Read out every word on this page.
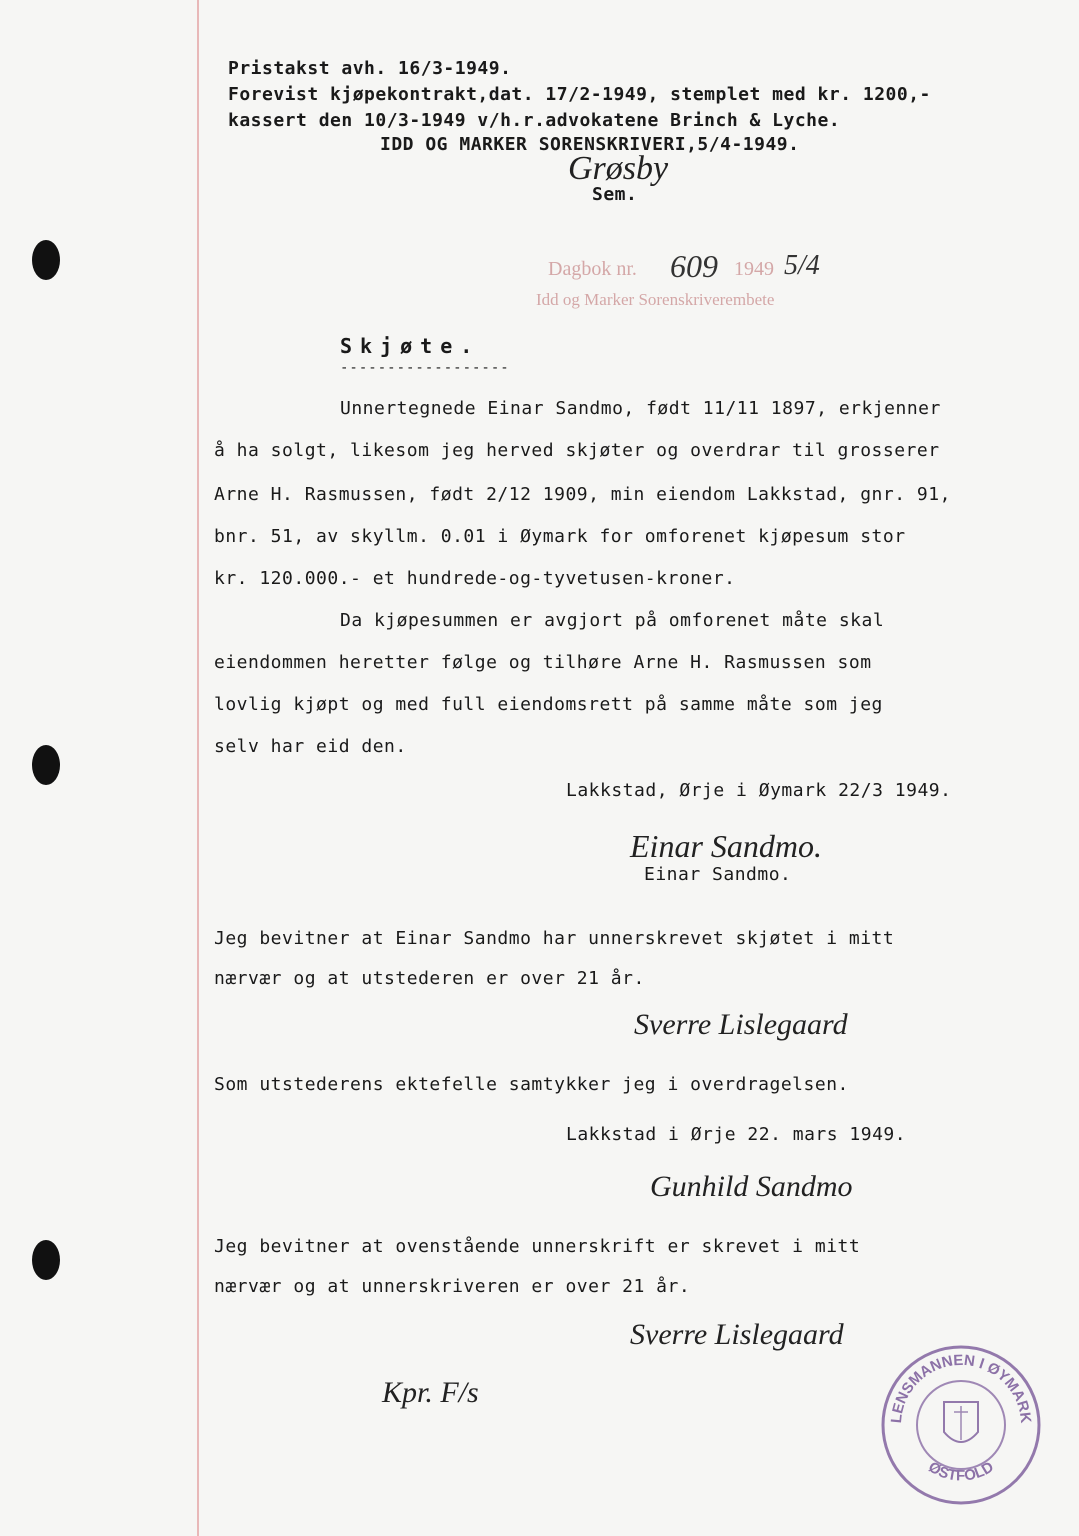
Pristakst avh. 16/3-1949.
Forevist kjøpekontrakt,dat. 17/2-1949, stemplet med kr. 1200,-
kassert den 10/3-1949 v/h.r.advokatene Brinch & Lyche.
IDD OG MARKER SORENSKRIVERI,5/4-1949.
Grøsby
Sem.
Dagbok nr. 609 1949 5/4
Idd og Marker Sorenskriverembete
Skjøte.
------------------
Unnertegnede Einar Sandmo, født 11/11 1897, erkjenner
å ha solgt, likesom jeg herved skjøter og overdrar til grosserer
Arne H. Rasmussen, født 2/12 1909, min eiendom Lakkstad, gnr. 91,
bnr. 51, av skyllm. 0.01 i Øymark for omforenet kjøpesum stor
kr. 120.000.- et hundrede-og-tyvetusen-kroner.
Da kjøpesummen er avgjort på omforenet måte skal
eiendommen heretter følge og tilhøre Arne H. Rasmussen som
lovlig kjøpt og med full eiendomsrett på samme måte som jeg
selv har eid den.
Lakkstad, Ørje i Øymark 22/3 1949.
Einar Sandmo.
Einar Sandmo.
Jeg bevitner at Einar Sandmo har unnerskrevet skjøtet i mitt
nærvær og at utstederen er over 21 år.
Sverre Lislegaard
Som utstederens ektefelle samtykker jeg i overdragelsen.
Lakkstad i Ørje 22. mars 1949.
Gunhild Sandmo
Jeg bevitner at ovenstående unnerskrift er skrevet i mitt
nærvær og at unnerskriveren er over 21 år.
Sverre Lislegaard
Kpr. F/s
LENSMANNEN I ØYMARK
ØSTFOLD
